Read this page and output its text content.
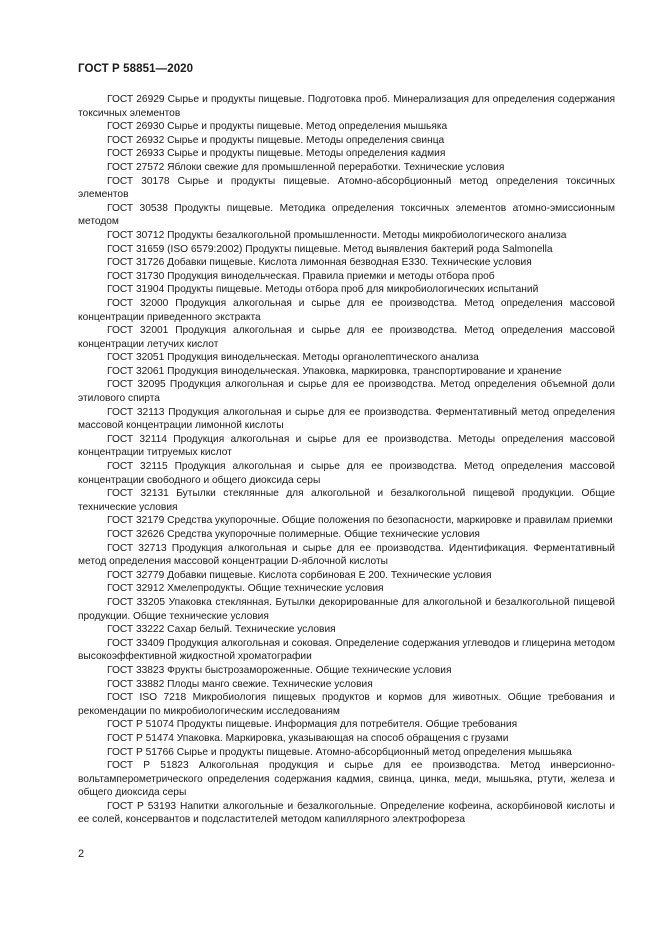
ГОСТ Р 58851—2020

ГОСТ 26929 Сырье и продукты пищевые. Подготовка проб. Минерализация для определения содержания токсичных элементов

ГОСТ 26930 Сырье и продукты пищевые. Метод определения мышьяка

ГОСТ 26932 Сырье и продукты пищевые. Методы определения свинца

ГОСТ 26933 Сырье и продукты пищевые. Методы определения кадмия

ГОСТ 27572 Яблоки свежие для промышленной переработки. Технические условия

ГОСТ 30178 Сырье и продукты пищевые. Атомно-абсорбционный метод определения токсичных элементов

ГОСТ 30538 Продукты пищевые. Методика определения токсичных элементов атомно-эмиссионным методом

ГОСТ 30712 Продукты безалкогольной промышленности. Методы микробиологического анализа

ГОСТ 31659 (ISO 6579:2002) Продукты пищевые. Метод выявления бактерий рода Salmonella

ГОСТ 31726 Добавки пищевые. Кислота лимонная безводная Е330. Технические условия

ГОСТ 31730 Продукция винодельческая. Правила приемки и методы отбора проб

ГОСТ 31904 Продукты пищевые. Методы отбора проб для микробиологических испытаний

ГОСТ 32000 Продукция алкогольная и сырье для ее производства. Метод определения массовой концентрации приведенного экстракта

ГОСТ 32001 Продукция алкогольная и сырье для ее производства. Метод определения массовой концентрации летучих кислот

ГОСТ 32051 Продукция винодельческая. Методы органолептического анализа

ГОСТ 32061 Продукция винодельческая. Упаковка, маркировка, транспортирование и хранение

ГОСТ 32095 Продукция алкогольная и сырье для ее производства. Метод определения объемной доли этилового спирта

ГОСТ 32113 Продукция алкогольная и сырье для ее производства. Ферментативный метод определения массовой концентрации лимонной кислоты

ГОСТ 32114 Продукция алкогольная и сырье для ее производства. Методы определения массовой концентрации титруемых кислот

ГОСТ 32115 Продукция алкогольная и сырье для ее производства. Метод определения массовой концентрации свободного и общего диоксида серы

ГОСТ 32131 Бутылки стеклянные для алкогольной и безалкогольной пищевой продукции. Общие технические условия

ГОСТ 32179 Средства укупорочные. Общие положения по безопасности, маркировке и правилам приемки

ГОСТ 32626 Средства укупорочные полимерные. Общие технические условия

ГОСТ 32713 Продукция алкогольная и сырье для ее производства. Идентификация. Ферментативный метод определения массовой концентрации D-яблочной кислоты

ГОСТ 32779 Добавки пищевые. Кислота сорбиновая Е 200. Технические условия

ГОСТ 32912 Хмелепродукты. Общие технические условия

ГОСТ 33205 Упаковка стеклянная. Бутылки декорированные для алкогольной и безалкогольной пищевой продукции. Общие технические условия

ГОСТ 33222 Сахар белый. Технические условия

ГОСТ 33409 Продукция алкогольная и соковая. Определение содержания углеводов и глицерина методом высокоэффективной жидкостной хроматографии

ГОСТ 33823 Фрукты быстрозамороженные. Общие технические условия

ГОСТ 33882 Плоды манго свежие. Технические условия

ГОСТ ISO 7218 Микробиология пищевых продуктов и кормов для животных. Общие требования и рекомендации по микробиологическим исследованиям

ГОСТ Р 51074 Продукты пищевые. Информация для потребителя. Общие требования

ГОСТ Р 51474 Упаковка. Маркировка, указывающая на способ обращения с грузами

ГОСТ Р 51766 Сырье и продукты пищевые. Атомно-абсорбционный метод определения мышьяка

ГОСТ Р 51823 Алкогольная продукция и сырье для ее производства. Метод инверсионно-вольтамперометрического определения содержания кадмия, свинца, цинка, меди, мышьяка, ртути, железа и общего диоксида серы

ГОСТ Р 53193 Напитки алкогольные и безалкогольные. Определение кофеина, аскорбиновой кислоты и ее солей, консервантов и подсластителей методом капиллярного электрофореза

2
